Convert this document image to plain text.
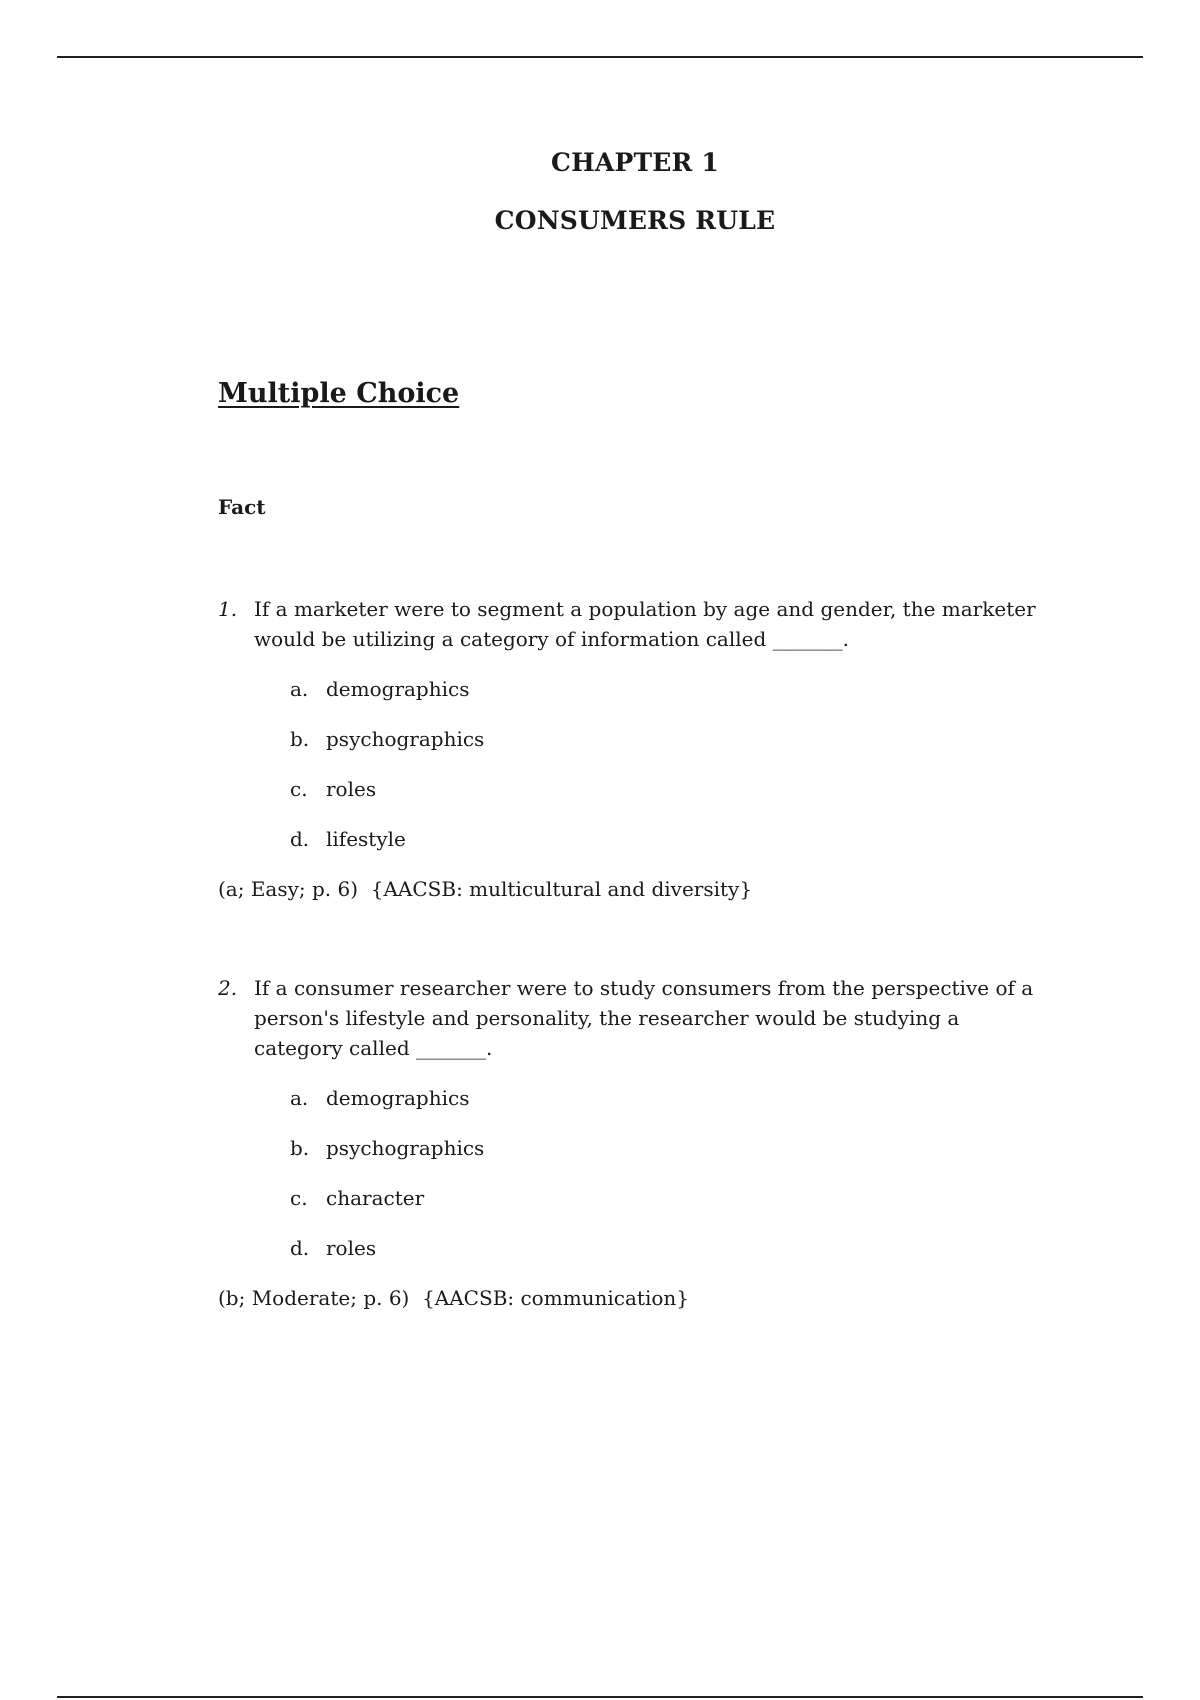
CHAPTER 1
CONSUMERS RULE
Multiple Choice
Fact
1. If a marketer were to segment a population by age and gender, the marketer would be utilizing a category of information called _______.
a. demographics
b. psychographics
c. roles
d. lifestyle
(a; Easy; p. 6)  {AACSB: multicultural and diversity}
2. If a consumer researcher were to study consumers from the perspective of a person's lifestyle and personality, the researcher would be studying a category called _______.
a. demographics
b. psychographics
c. character
d. roles
(b; Moderate; p. 6)  {AACSB: communication}
